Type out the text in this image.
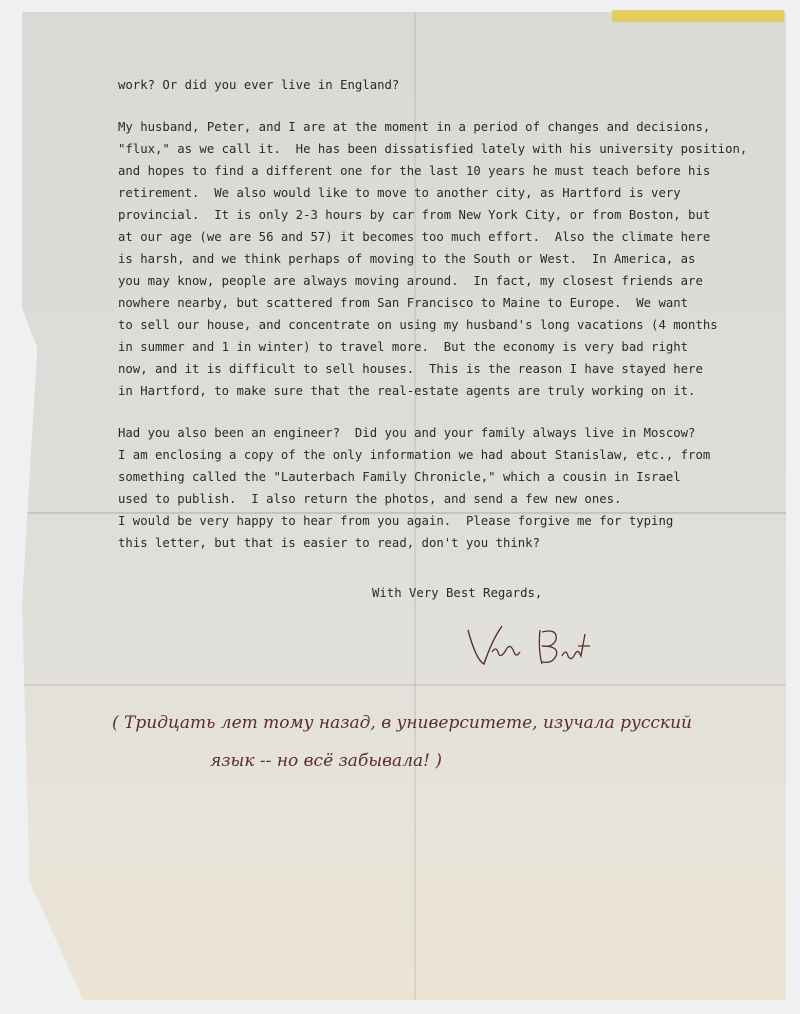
work? Or did you ever live in England?
My husband, Peter, and I are at the moment in a period of changes and decisions,
"flux," as we call it.  He has been dissatisfied lately with his university position,
and hopes to find a different one for the last 10 years he must teach before his
retirement.  We also would like to move to another city, as Hartford is very
provincial.  It is only 2-3 hours by car from New York City, or from Boston, but
at our age (we are 56 and 57) it becomes too much effort.  Also the climate here
is harsh, and we think perhaps of moving to the South or West.  In America, as
you may know, people are always moving around.  In fact, my closest friends are
nowhere nearby, but scattered from San Francisco to Maine to Europe.  We want
to sell our house, and concentrate on using my husband's long vacations (4 months
in summer and 1 in winter) to travel more.  But the economy is very bad right
now, and it is difficult to sell houses.  This is the reason I have stayed here
in Hartford, to make sure that the real-estate agents are truly working on it.
Had you also been an engineer?  Did you and your family always live in Moscow?
I am enclosing a copy of the only information we had about Stanislaw, etc., from
something called the "Lauterbach Family Chronicle," which a cousin in Israel
used to publish.  I also return the photos, and send a few new ones.
I would be very happy to hear from you again.  Please forgive me for typing
this letter, but that is easier to read, don't you think?
With Very Best Regards,
( Тридцать лет тому назад, в университете, изучала русский
язык -- но всё забывала! )
